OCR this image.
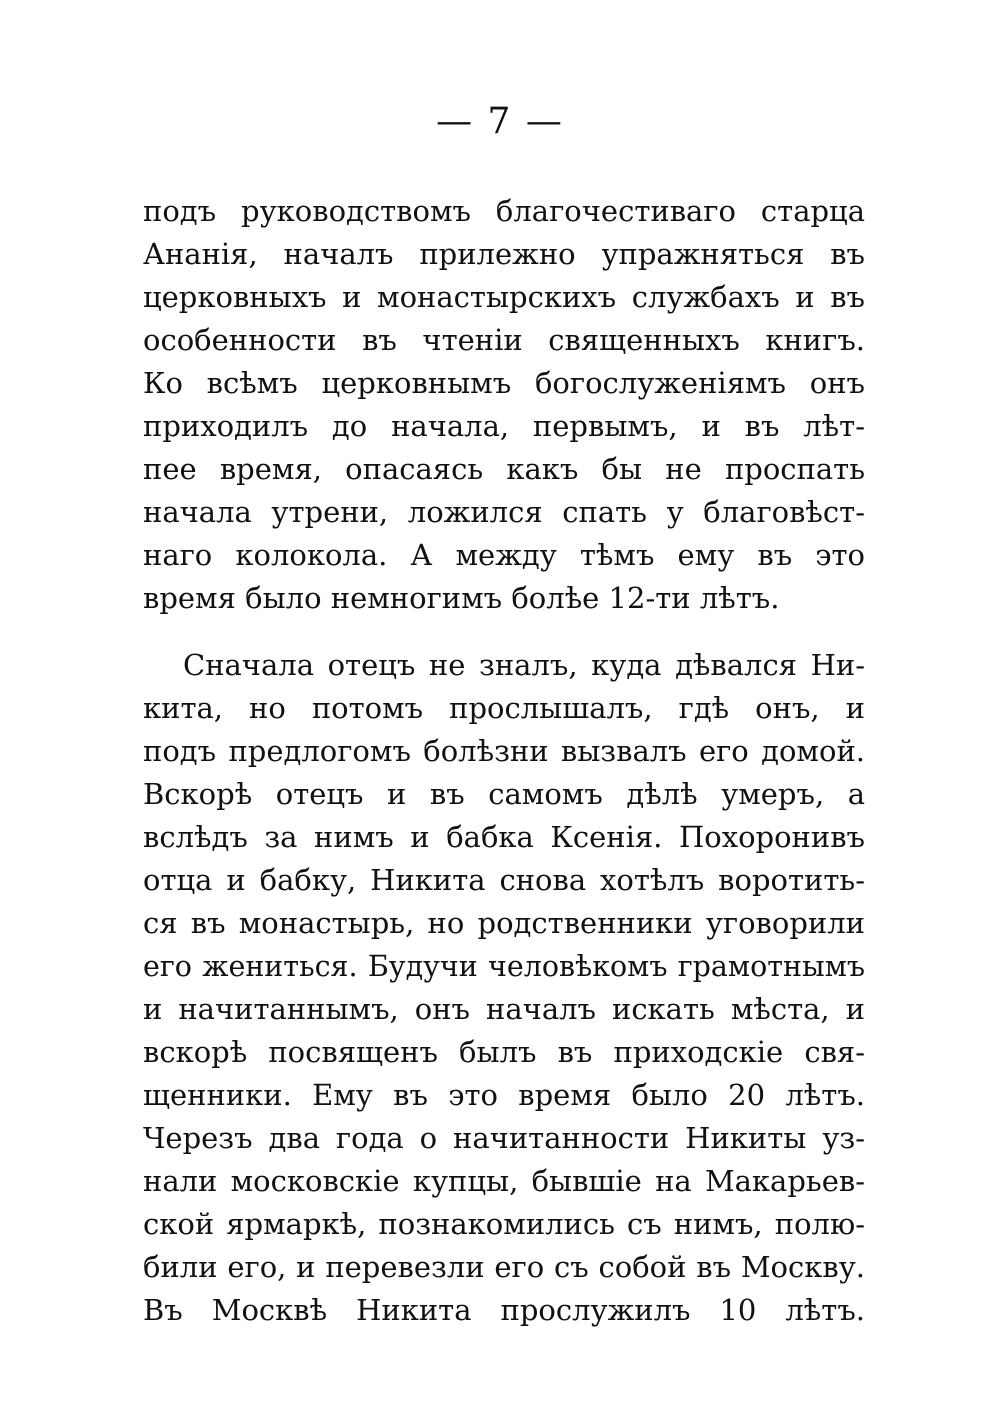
— 7 —
подъ руководствомъ благочестиваго старца
Ананія, началъ прилежно упражняться въ
церковныхъ и монастырскихъ службахъ и въ
особенности въ чтеніи священныхъ книгъ.
Ко всѣмъ церковнымъ богослуженіямъ онъ
приходилъ до начала, первымъ, и въ лѣт-
пее время, опасаясь какъ бы не проспать
начала утрени, ложился спать у благовѣст-
наго колокола. А между тѣмъ ему въ это
время было немногимъ болѣе 12-ти лѣтъ.
Сначала отецъ не зналъ, куда дѣвался Ни-
кита, но потомъ прослышалъ, гдѣ онъ, и
подъ предлогомъ болѣзни вызвалъ его домой.
Вскорѣ отецъ и въ самомъ дѣлѣ умеръ, а
вслѣдъ за нимъ и бабка Ксенія. Похоронивъ
отца и бабку, Никита снова хотѣлъ воротить-
ся въ монастырь, но родственники уговорили
его жениться. Будучи человѣкомъ грамотнымъ
и начитаннымъ, онъ началъ искать мѣста, и
вскорѣ посвященъ былъ въ приходскіе свя-
щенники. Ему въ это время было 20 лѣтъ.
Черезъ два года о начитанности Никиты уз-
нали московскіе купцы, бывшіе на Макарьев-
ской ярмаркѣ, познакомились съ нимъ, полю-
били его, и перевезли его съ собой въ Москву.
Въ Москвѣ Никита прослужилъ 10 лѣтъ.
